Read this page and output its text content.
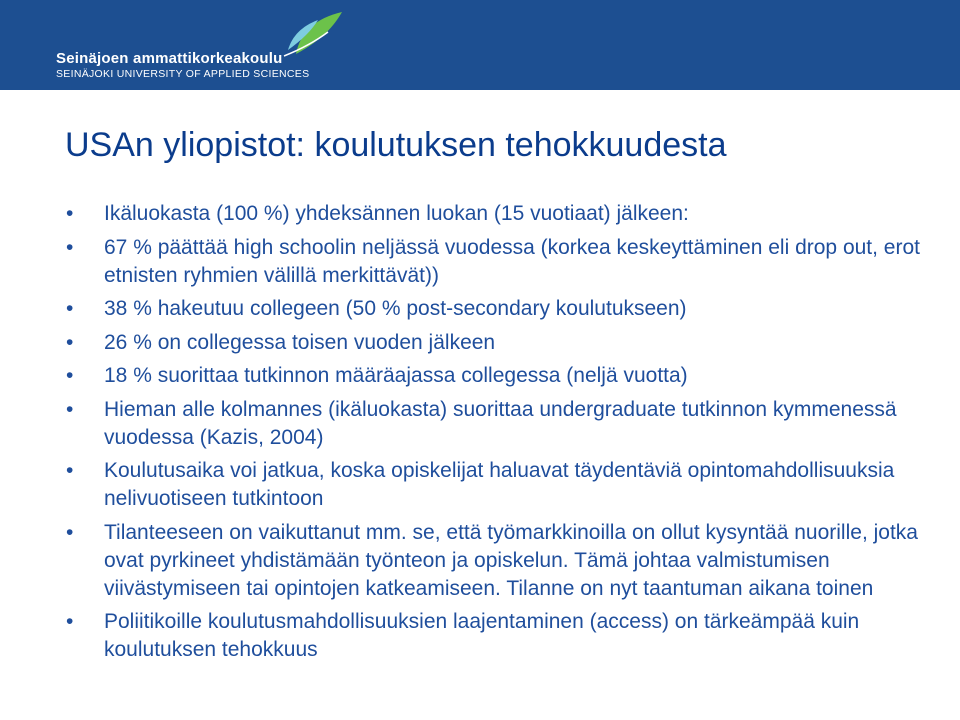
Seinäjoen ammattikorkeakoulu
SEINÄJOKI UNIVERSITY OF APPLIED SCIENCES
USAn yliopistot: koulutuksen tehokkuudesta
• Ikäluokasta (100 %) yhdeksännen luokan (15 vuotiaat) jälkeen:
• 67 % päättää high schoolin neljässä vuodessa (korkea keskeyttäminen eli drop out, erot etnisten ryhmien välillä merkittävät))
• 38 % hakeutuu collegeen (50 % post-secondary koulutukseen)
• 26 % on collegessa toisen vuoden jälkeen
• 18 % suorittaa tutkinnon määräajassa collegessa (neljä vuotta)
• Hieman alle kolmannes (ikäluokasta) suorittaa undergraduate tutkinnon kymmenessä vuodessa (Kazis, 2004)
• Koulutusaika voi jatkua, koska opiskelijat haluavat täydentäviä opintomahdollisuuksia nelivuotiseen tutkintoon
• Tilanteeseen on vaikuttanut mm. se, että työmarkkinoilla on ollut kysyntää nuorille, jotka ovat pyrkineet yhdistämään työnteon ja opiskelun. Tämä johtaa valmistumisen viivästymiseen tai opintojen katkeamiseen. Tilanne on nyt taantuman aikana toinen
• Poliitikoille koulutusmahdollisuuksien laajentaminen (access) on tärkeämpää kuin koulutuksen tehokkuus
